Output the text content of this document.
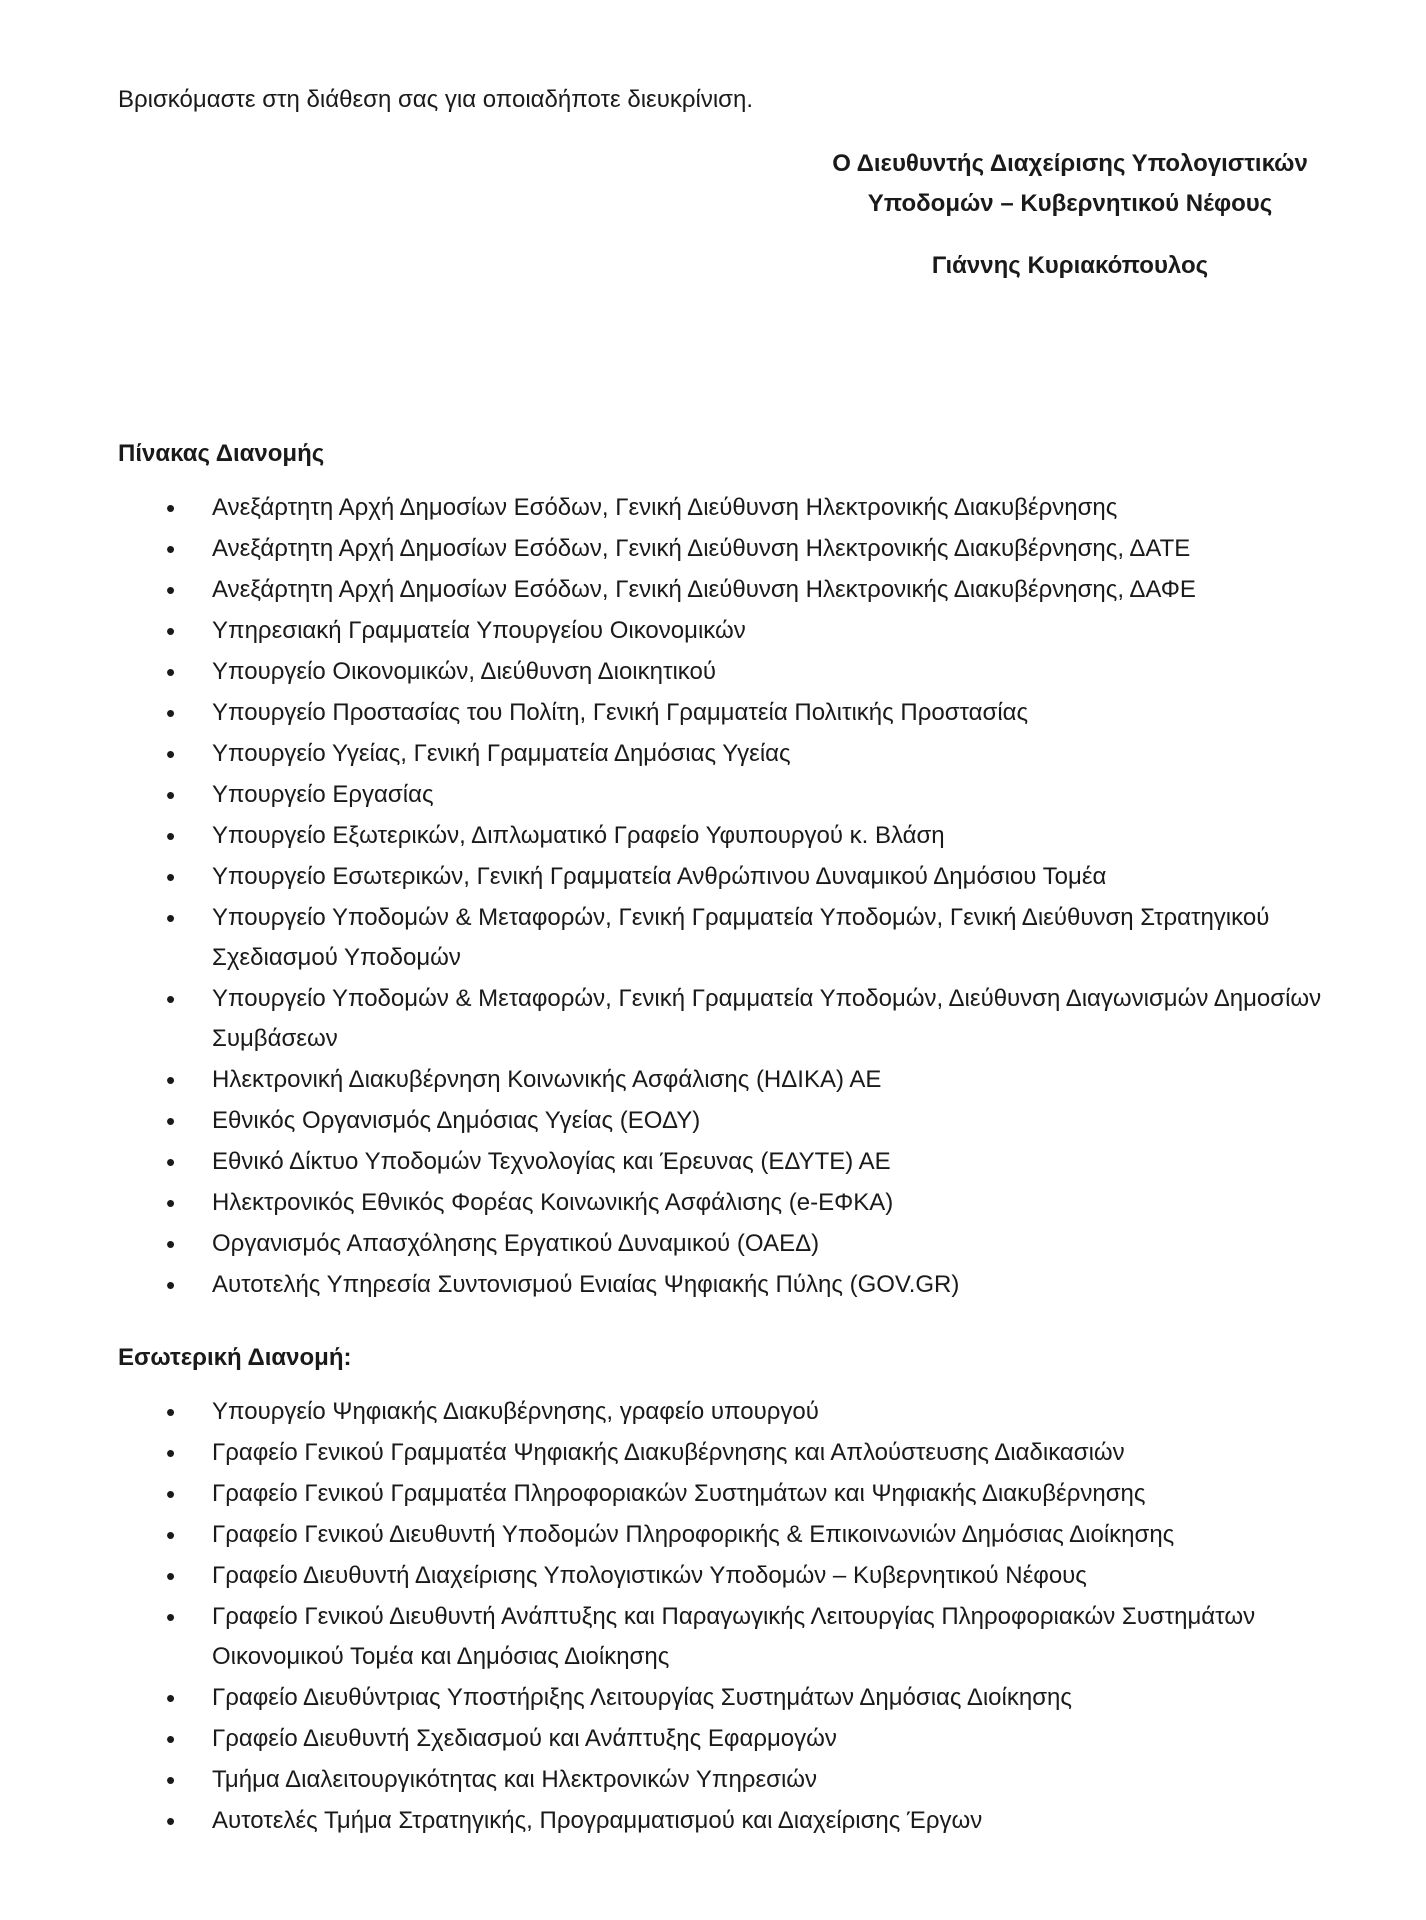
Βρισκόμαστε στη διάθεση σας για οποιαδήποτε διευκρίνιση.
Ο Διευθυντής Διαχείρισης Υπολογιστικών
Υποδομών – Κυβερνητικού Νέφους
Γιάννης Κυριακόπουλος
Πίνακας Διανομής
• Ανεξάρτητη Αρχή Δημοσίων Εσόδων, Γενική Διεύθυνση Ηλεκτρονικής Διακυβέρνησης
• Ανεξάρτητη Αρχή Δημοσίων Εσόδων, Γενική Διεύθυνση Ηλεκτρονικής Διακυβέρνησης, ΔΑΤΕ
• Ανεξάρτητη Αρχή Δημοσίων Εσόδων, Γενική Διεύθυνση Ηλεκτρονικής Διακυβέρνησης, ΔΑΦΕ
• Υπηρεσιακή Γραμματεία Υπουργείου Οικονομικών
• Υπουργείο Οικονομικών, Διεύθυνση Διοικητικού
• Υπουργείο Προστασίας του Πολίτη, Γενική Γραμματεία Πολιτικής Προστασίας
• Υπουργείο Υγείας, Γενική Γραμματεία Δημόσιας Υγείας
• Υπουργείο Εργασίας
• Υπουργείο Εξωτερικών, Διπλωματικό Γραφείο Υφυπουργού κ. Βλάση
• Υπουργείο Εσωτερικών, Γενική Γραμματεία Ανθρώπινου Δυναμικού Δημόσιου Τομέα
• Υπουργείο Υποδομών & Μεταφορών, Γενική Γραμματεία Υποδομών, Γενική Διεύθυνση Στρατηγικού Σχεδιασμού Υποδομών
• Υπουργείο Υποδομών & Μεταφορών, Γενική Γραμματεία Υποδομών, Διεύθυνση Διαγωνισμών Δημοσίων Συμβάσεων
• Ηλεκτρονική Διακυβέρνηση Κοινωνικής Ασφάλισης (ΗΔΙΚΑ) ΑΕ
• Εθνικός Οργανισμός Δημόσιας Υγείας (ΕΟΔΥ)
• Εθνικό Δίκτυο Υποδομών Τεχνολογίας και Έρευνας (ΕΔΥΤΕ) ΑΕ
• Ηλεκτρονικός Εθνικός Φορέας Κοινωνικής Ασφάλισης (e-ΕΦΚΑ)
• Οργανισμός Απασχόλησης Εργατικού Δυναμικού (ΟΑΕΔ)
• Αυτοτελής Υπηρεσία Συντονισμού Ενιαίας Ψηφιακής Πύλης (GOV.GR)
Εσωτερική Διανομή:
• Υπουργείο Ψηφιακής Διακυβέρνησης, γραφείο υπουργού
• Γραφείο Γενικού Γραμματέα Ψηφιακής Διακυβέρνησης και Απλούστευσης Διαδικασιών
• Γραφείο Γενικού Γραμματέα Πληροφοριακών Συστημάτων και Ψηφιακής Διακυβέρνησης
• Γραφείο Γενικού Διευθυντή Υποδομών Πληροφορικής & Επικοινωνιών Δημόσιας Διοίκησης
• Γραφείο Διευθυντή Διαχείρισης Υπολογιστικών Υποδομών – Κυβερνητικού Νέφους
• Γραφείο Γενικού Διευθυντή Ανάπτυξης και Παραγωγικής Λειτουργίας Πληροφοριακών Συστημάτων Οικονομικού Τομέα και Δημόσιας Διοίκησης
• Γραφείο Διευθύντριας Υποστήριξης Λειτουργίας Συστημάτων Δημόσιας Διοίκησης
• Γραφείο Διευθυντή Σχεδιασμού και Ανάπτυξης Εφαρμογών
• Τμήμα Διαλειτουργικότητας και Ηλεκτρονικών Υπηρεσιών
• Αυτοτελές Τμήμα Στρατηγικής, Προγραμματισμού και Διαχείρισης Έργων
